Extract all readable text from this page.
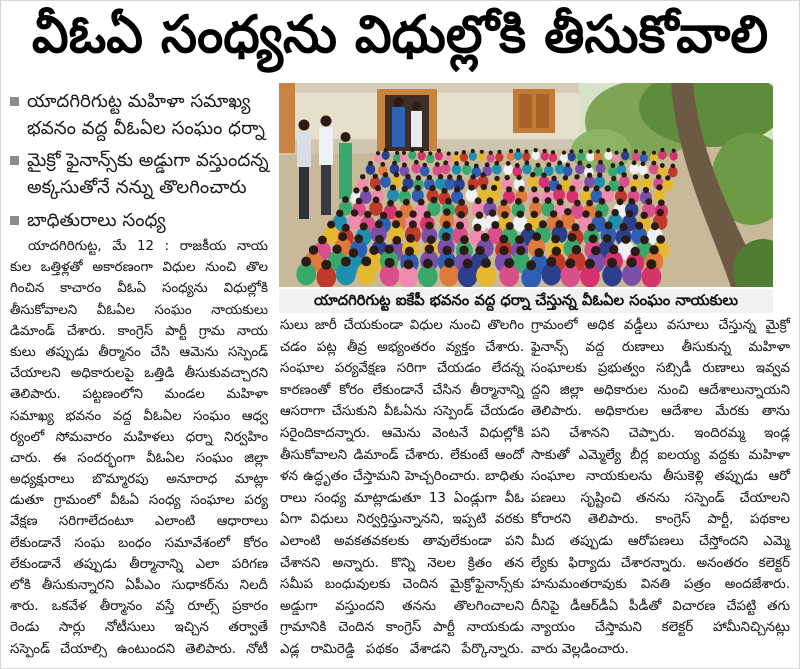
వీఓఏ సంధ్యను విధుల్లోకి తీసుకోవాలి
యాదగిరిగుట్ట మహిళా సమాఖ్య
భవనం వద్ద వీఓఏల సంఘం ధర్నా
మైక్రో ఫైనాన్స్‌కు అడ్డుగా వస్తుందన్న
అక్కసుతోనే నన్ను తొలగించారు
బాధితురాలు సంధ్య
యాదగిరిగుట్ట ఐకేపీ భవనం వద్ద ధర్నా చేస్తున్న వీఓఏల సంఘం నాయకులు
యాదగిరిగుట్ట, మే 12 : రాజకీయ నాయ
కుల ఒత్తిళ్లతో అకారణంగా విధుల నుంచి తొల
గించిన కాచారం వీఓఏ సంధ్యను విధుల్లోకి
తీసుకోవాలని వీఓఏల సంఘం నాయకులు
డిమాండ్ చేశారు. కాంగ్రెస్ పార్టీ గ్రామ నాయ
కులు తప్పుడు తీర్మానం చేసి ఆమెను సస్పెండ్
చేయాలని అధికారులపై ఒత్తిడి తీసుకువచ్చారని
తెలిపారు. పట్టణంలోని మండల మహిళా
సమాఖ్య భవనం వద్ద వీఓఏల సంఘం ఆధ్వ
ర్యంలో సోమవారం మహిళలు ధర్నా నిర్వహిం
చారు. ఈ సందర్భంగా వీఓఏల సంఘం జిల్లా
అధ్యక్షురాలు బొమ్మారపు అనూరాధ మాట్లా
డుతూ గ్రామంలో వీఓఏ సంధ్య సంఘాల పర్య
వేక్షణ సరిగాలేదంటూ ఎలాంటి ఆధారాలు
లేకుండానే సంఘ బంధం సమావేశంలో కోరం
లేకుండానే తప్పుడు తీర్మానాన్ని ఎలా పరిగణ
లోకి తీసుకున్నారని ఏపీఎం సుధాకర్‌ను నిలదీ
శారు. ఒకవేళ తీర్మానం వస్తే రూల్స్ ప్రకారం
రెండు సార్లు నోటీసులు ఇచ్చిన తర్వాతే
సస్పెండ్ చేయాల్సి ఉంటుందని తెలిపారు. నోటీ
సులు జారీ చేయకుండా విధుల నుంచి తొలగిం
చడం పట్ల తీవ్ర అభ్యంతరం వ్యక్తం చేశారు.
సంఘాల పర్యవేక్షణ సరిగా చేయడం లేదన్న
కారణంతో కోరం లేకుండానే చేసిన తీర్మానాన్ని
ఆసరాగా చేసుకుని వీఓఏను సస్పెండ్ చేయడం
సరైందికాదన్నారు. ఆమెను వెంటనే విధుల్లోకి
తీసుకోవాలని డిమాండ్ చేశారు. లేకుంటే ఆందో
ళన ఉద్ధృతం చేస్తామని హెచ్చరించారు. బాధితు
రాలు సంధ్య మాట్లాడుతూ 13 ఏండ్లుగా వీఓ
ఏగా విధులు నిర్వర్తిస్తున్నానని, ఇప్పటి వరకు
ఎలాంటి అవకతవకలకు తావులేకుండా పని
చేశానని అన్నారు. కొన్ని నెలల క్రితం తన
సమీప బంధువులకు చెందిన మైక్రోఫైనాన్స్‌కు
అడ్డుగా వస్తుందని తనను తొలగించాలని
గ్రామానికి చెందిన కాంగ్రెస్ పార్టీ నాయకుడు
ఎడ్ల రామిరెడ్డి పథకం వేశాడని పేర్కొన్నారు.
గ్రామంలో అధిక వడ్డీలు వసూలు చేస్తున్న మైక్రో
ఫైనాన్స్ వద్ద రుణాలు తీసుకున్న మహిళా
సంఘాలకు ప్రభుత్వం సబ్సిడీ రుణాలు ఇవ్వవ
ద్దని జిల్లా అధికారుల నుంచి ఆదేశాలున్నాయని
తెలిపారు. అధికారుల ఆదేశాల మేరకు తాను
పని చేశానని చెప్పారు. ఇందిరమ్మ ఇండ్ల
సాకుతో ఎమ్మెల్యే బీర్ల ఐలయ్య వద్దకు మహిళా
సంఘాల నాయకులను తీసుకెళ్లి తప్పుడు ఆరో
పణలు సృష్టించి తనను సస్పెండ్ చేయాలని
కోరారని తెలిపారు. కాంగ్రెస్ పార్టీ, పథకాల
మీద తప్పుడు ఆరోపణలు చేస్తోందని ఎమ్మె
ల్యేకు ఫిర్యాదు చేశారన్నారు. అనంతరం కలెక్టర్
హనుమంతరావుకు వినతి పత్రం అందజేశారు.
దీనిపై డీఆర్‌డీఏ పీడీతో విచారణ చేపట్టి తగు
న్యాయం చేస్తామని కలెక్టర్ హామీనిచ్చినట్లు
వారు వెల్లడించారు.
